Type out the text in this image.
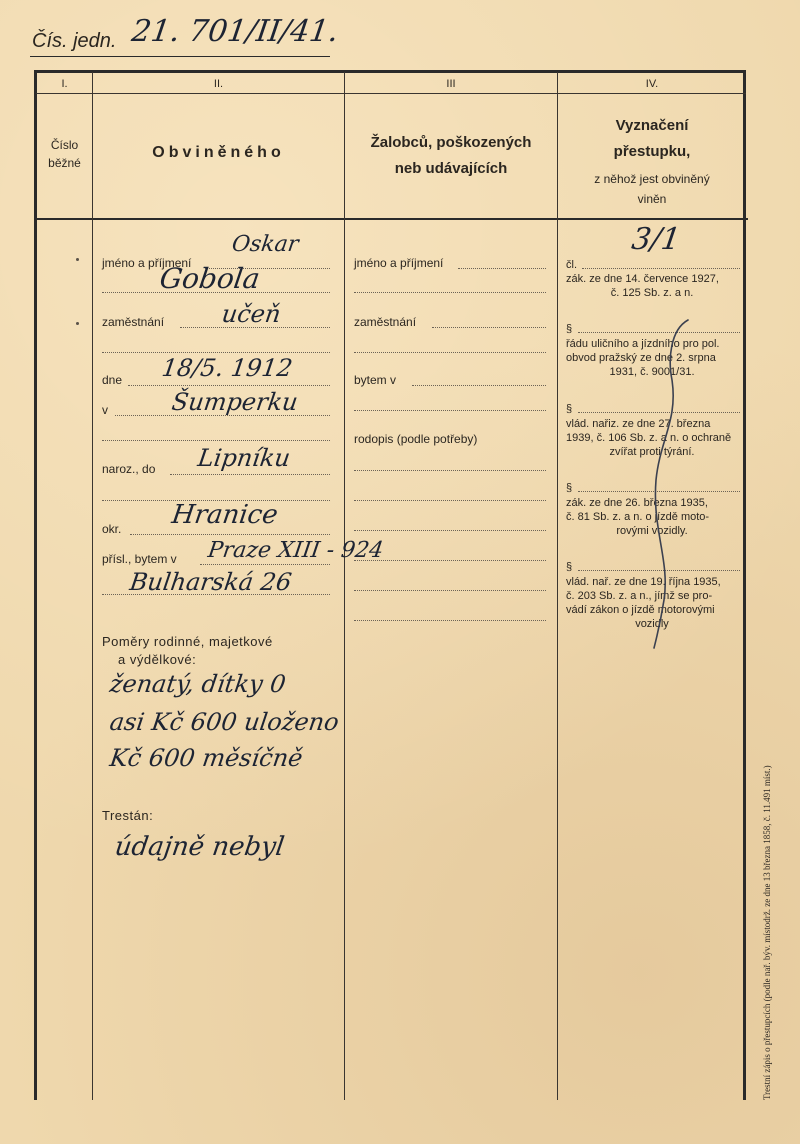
Čís. jedn. 21. 701/II/41.
I.	II.	III	IV.
Číslo
běžné
Obviněného
Žalobců, poškozených
neb udávajících
Vyznačení
přestupku,
z něhož jest obviněný
viněn
jméno a příjmení
Oskar
Gobola
zaměstnání učeň
dne 18/5. 1912
v	Šumperku
naroz., do Lipníku
okr. Hranice
přísl., bytem v Praze XIII - 924
Bulharská 26
Poměry rodinné, majetkové
a výdělkové:
ženatý, dítky 0
asi Kč 600 uloženo
Kč 600 měsíčně
Trestán:
údajně nebyl
jméno a příjmení
zaměstnání
bytem v
rodopis (podle potřeby)
3/1
čl.
zák. ze dne 14. července 1927,
č. 125 Sb. z. a n.
§
řádu uličního a jízdního pro pol.
obvod pražský ze dne 2. srpna
1931, č. 9001/31.
§
vlád. nařiz. ze dne 27. března
1939, č. 106 Sb. z. a n. o ochraně
zvířat proti týrání.
§
zák. ze dne 26. března 1935,
č. 81 Sb. z. a n. o jízdě moto-
rovými vozidly.
§
vlád. nař. ze dne 19. října 1935,
č. 203 Sb. z. a n., jímž se pro-
vádí zákon o jízdě motorovými
vozidly
Trestní zápis o přestupcích (podle nař. býv. místodrž. ze dne 13 března 1858, č. 11.491 míst.)
